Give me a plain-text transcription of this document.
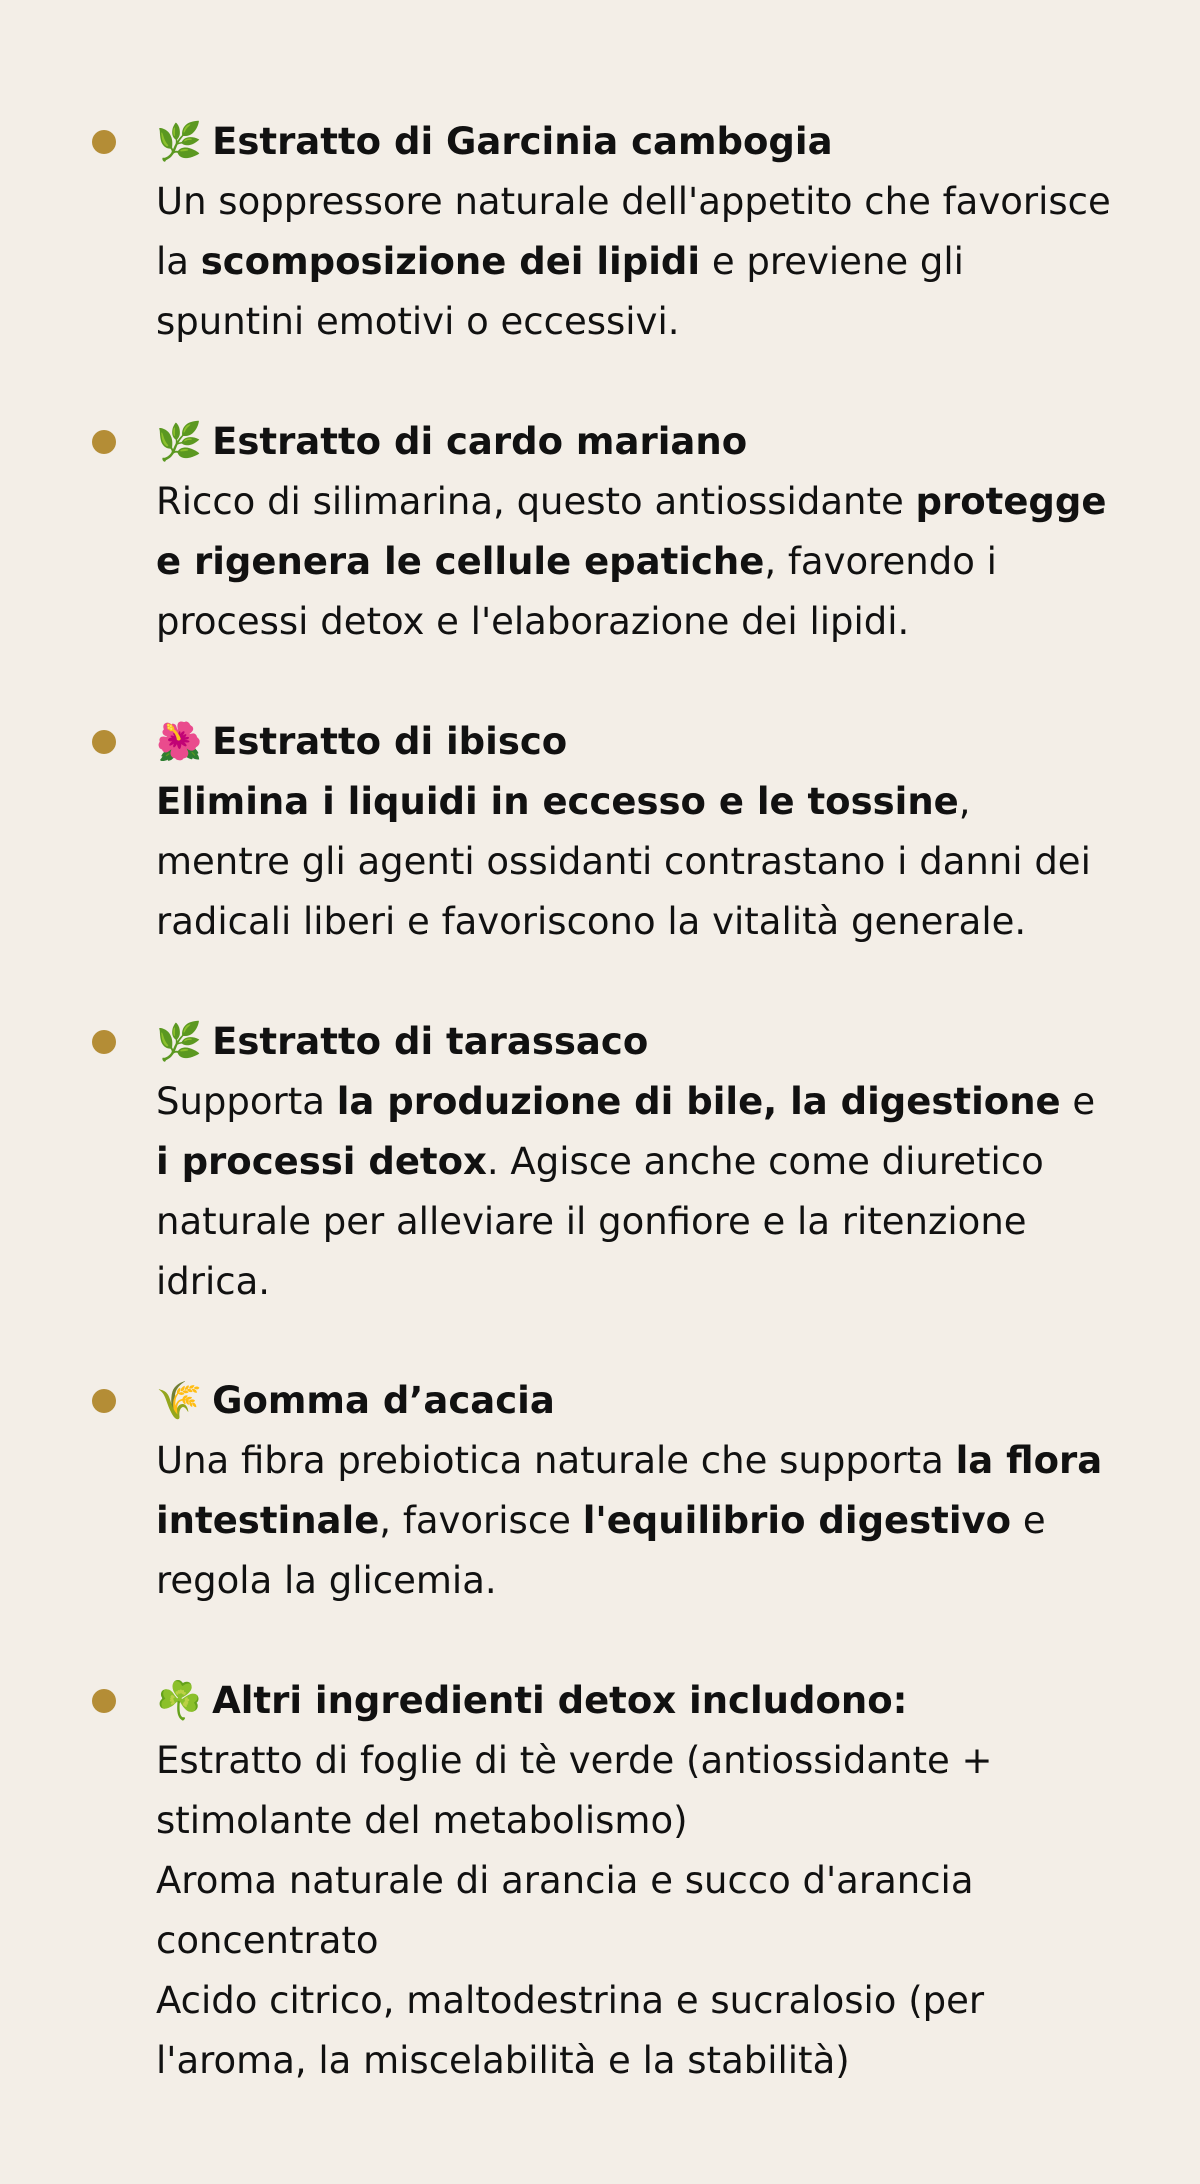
🌿 Estratto di Garcinia cambogia
Un soppressore naturale dell'appetito che favorisce la scomposizione dei lipidi e previene gli spuntini emotivi o eccessivi.
🌿 Estratto di cardo mariano
Ricco di silimarina, questo antiossidante protegge e rigenera le cellule epatiche, favorendo i processi detox e l'elaborazione dei lipidi.
🌺 Estratto di ibisco
Elimina i liquidi in eccesso e le tossine, mentre gli agenti ossidanti contrastano i danni dei radicali liberi e favoriscono la vitalità generale.
🌿 Estratto di tarassaco
Supporta la produzione di bile, la digestione e i processi detox. Agisce anche come diuretico naturale per alleviare il gonfiore e la ritenzione idrica.
🌾 Gomma d’acacia
Una fibra prebiotica naturale che supporta la flora intestinale, favorisce l'equilibrio digestivo e regola la glicemia.
☘️ Altri ingredienti detox includono:
Estratto di foglie di tè verde (antiossidante + stimolante del metabolismo)
Aroma naturale di arancia e succo d'arancia concentrato
Acido citrico, maltodestrina e sucralosio (per l'aroma, la miscelabilità e la stabilità)
